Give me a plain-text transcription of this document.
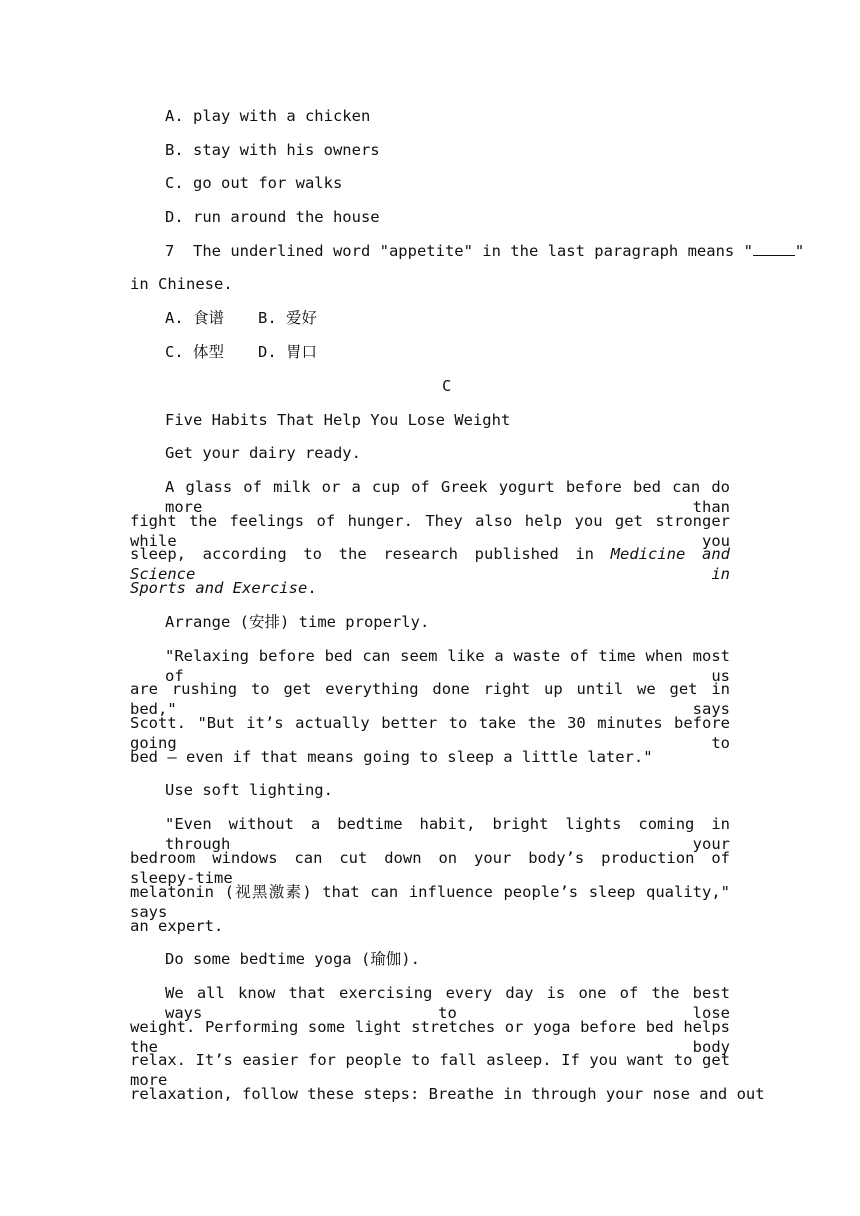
A. play with a chicken
B. stay with his owners
C. go out for walks
D. run around the house
7  The underlined word "appetite" in the last paragraph means "	"
in Chinese.
A. 食谱 B. 爱好
C. 体型 D. 胃口
C
Five Habits That Help You Lose Weight
Get your dairy ready.
A glass of milk or a cup of Greek yogurt before bed can do more than
fight the feelings of hunger. They also help you get stronger while you
sleep, according to the research published in Medicine and Science in
Sports and Exercise.
Arrange (安排) time properly.
"Relaxing before bed can seem like a waste of time when most of us
are rushing to get everything done right up until we get in bed," says
Scott. "But it’s actually better to take the 30 minutes before going to
bed — even if that means going to sleep a little later."
Use soft lighting.
"Even without a bedtime habit, bright lights coming in through your
bedroom windows can cut down on your body’s production of sleepy-time
melatonin (视黑激素) that can influence people’s sleep quality," says
an expert.
Do some bedtime yoga (瑜伽).
We all know that exercising every day is one of the best ways to lose
weight. Performing some light stretches or yoga before bed helps the body
relax. It’s easier for people to fall asleep. If you want to get more
relaxation, follow these steps: Breathe in through your nose and out
